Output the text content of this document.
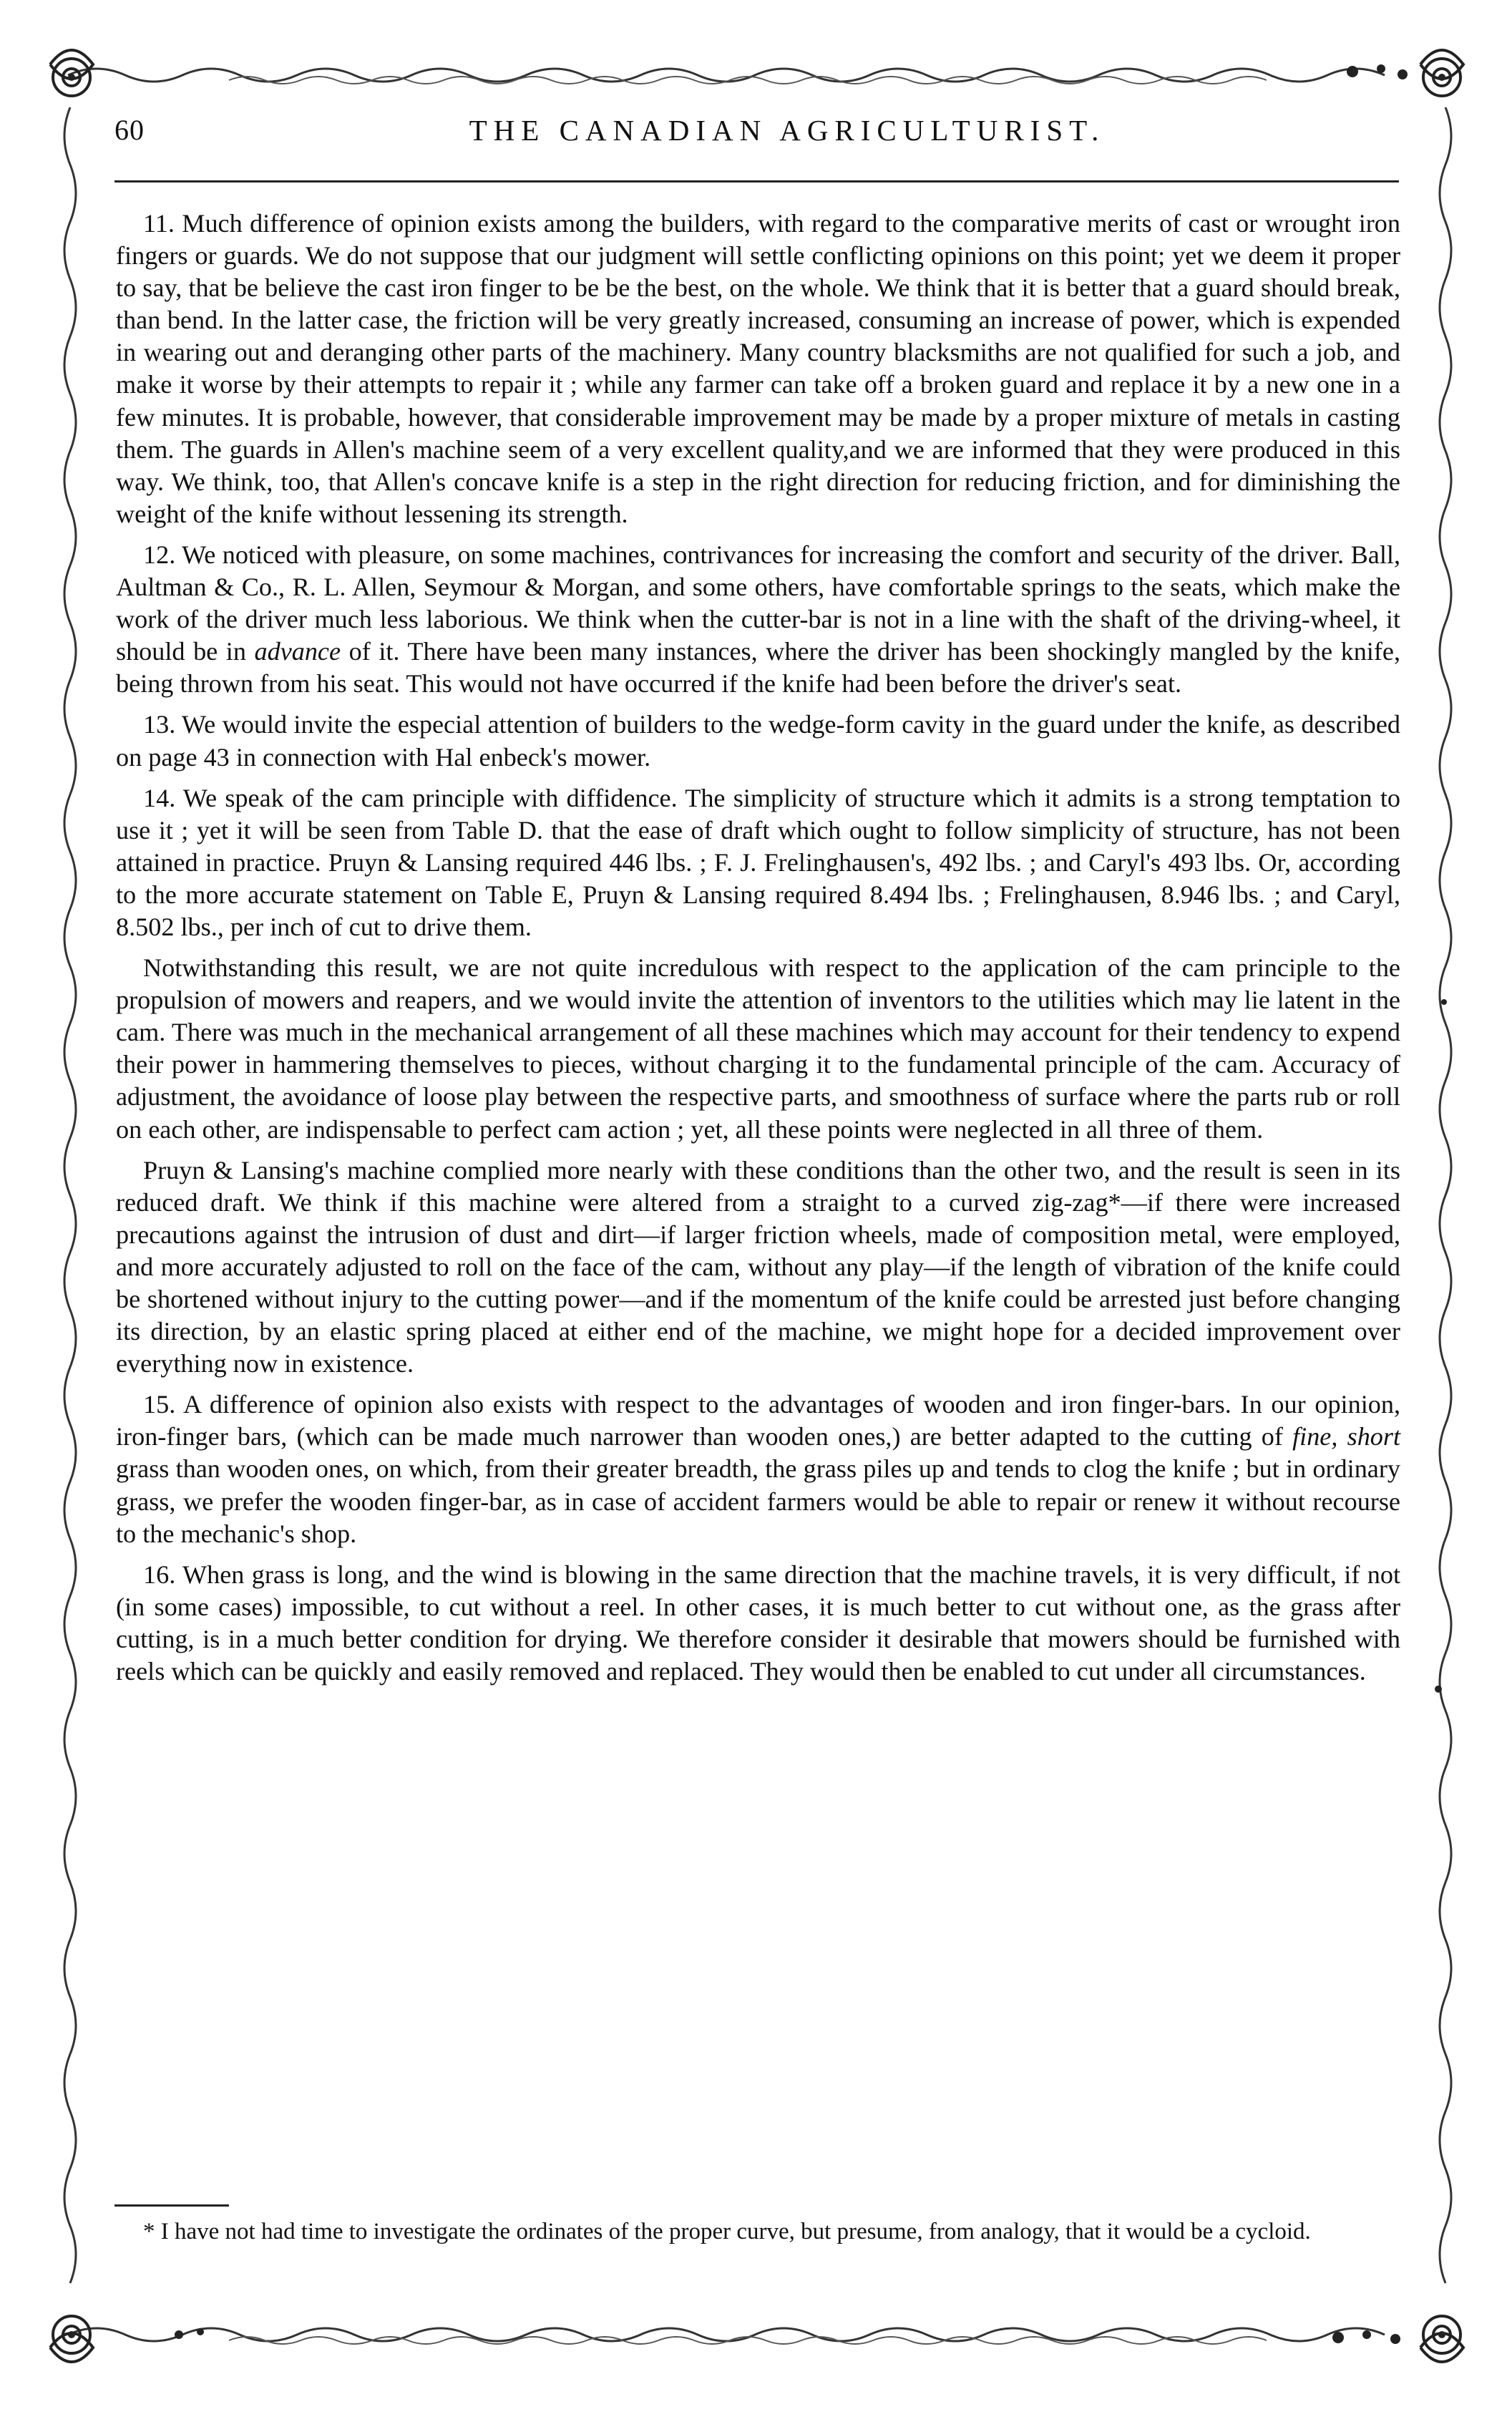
60	THE CANADIAN AGRICULTURIST.

11. Much difference of opinion exists among the builders, with regard to the comparative merits of cast or wrought iron fingers or guards. We do not suppose that our judgment will settle conflicting opinions on this point; yet we deem it proper to say, that be believe the cast iron finger to be be the best, on the whole. We think that it is better that a guard should break, than bend. In the latter case, the friction will be very greatly increased, consuming an increase of power, which is expended in wearing out and deranging other parts of the machinery. Many country blacksmiths are not qualified for such a job, and make it worse by their attempts to repair it ; while any farmer can take off a broken guard and replace it by a new one in a few minutes. It is probable, however, that considerable improvement may be made by a proper mixture of metals in casting them. The guards in Allen's machine seem of a very excellent quality,and we are informed that they were produced in this way. We think, too, that Allen's concave knife is a step in the right direction for reducing friction, and for diminishing the weight of the knife without lessening its strength.

12. We noticed with pleasure, on some machines, contrivances for increasing the comfort and security of the driver. Ball, Aultman & Co., R. L. Allen, Seymour & Morgan, and some others, have comfortable springs to the seats, which make the work of the driver much less laborious. We think when the cutter-bar is not in a line with the shaft of the driving-wheel, it should be in advance of it. There have been many instances, where the driver has been shockingly mangled by the knife, being thrown from his seat. This would not have occurred if the knife had been before the driver's seat.

13. We would invite the especial attention of builders to the wedge-form cavity in the guard under the knife, as described on page 43 in connection with Hal enbeck's mower.

14. We speak of the cam principle with diffidence. The simplicity of structure which it admits is a strong temptation to use it ; yet it will be seen from Table D. that the ease of draft which ought to follow simplicity of structure, has not been attained in practice. Pruyn & Lansing required 446 lbs. ; F. J. Frelinghausen's, 492 lbs. ; and Caryl's 493 lbs. Or, according to the more accurate statement on Table E, Pruyn & Lansing required 8.494 lbs. ; Frelinghausen, 8.946 lbs. ; and Caryl, 8.502 lbs., per inch of cut to drive them.

Notwithstanding this result, we are not quite incredulous with respect to the application of the cam principle to the propulsion of mowers and reapers, and we would invite the attention of inventors to the utilities which may lie latent in the cam. There was much in the mechanical arrangement of all these machines which may account for their tendency to expend their power in hammering themselves to pieces, without charging it to the fundamental principle of the cam. Accuracy of adjustment, the avoidance of loose play between the respective parts, and smoothness of surface where the parts rub or roll on each other, are indispensable to perfect cam action ; yet, all these points were neglected in all three of them.

Pruyn & Lansing's machine complied more nearly with these conditions than the other two, and the result is seen in its reduced draft. We think if this machine were altered from a straight to a curved zig-zag*—if there were increased precautions against the intrusion of dust and dirt—if larger friction wheels, made of composition metal, were employed, and more accurately adjusted to roll on the face of the cam, without any play—if the length of vibration of the knife could be shortened without injury to the cutting power—and if the momentum of the knife could be arrested just before changing its direction, by an elastic spring placed at either end of the machine, we might hope for a decided improvement over everything now in existence.

15. A difference of opinion also exists with respect to the advantages of wooden and iron finger-bars. In our opinion, iron-finger bars, (which can be made much narrower than wooden ones,) are better adapted to the cutting of fine, short grass than wooden ones, on which, from their greater breadth, the grass piles up and tends to clog the knife ; but in ordinary grass, we prefer the wooden finger-bar, as in case of accident farmers would be able to repair or renew it without recourse to the mechanic's shop.

16. When grass is long, and the wind is blowing in the same direction that the machine travels, it is very difficult, if not (in some cases) impossible, to cut without a reel. In other cases, it is much better to cut without one, as the grass after cutting, is in a much better condition for drying. We therefore consider it desirable that mowers should be furnished with reels which can be quickly and easily removed and replaced. They would then be enabled to cut under all circumstances.

* I have not had time to investigate the ordinates of the proper curve, but presume, from analogy, that it would be a cycloid.
